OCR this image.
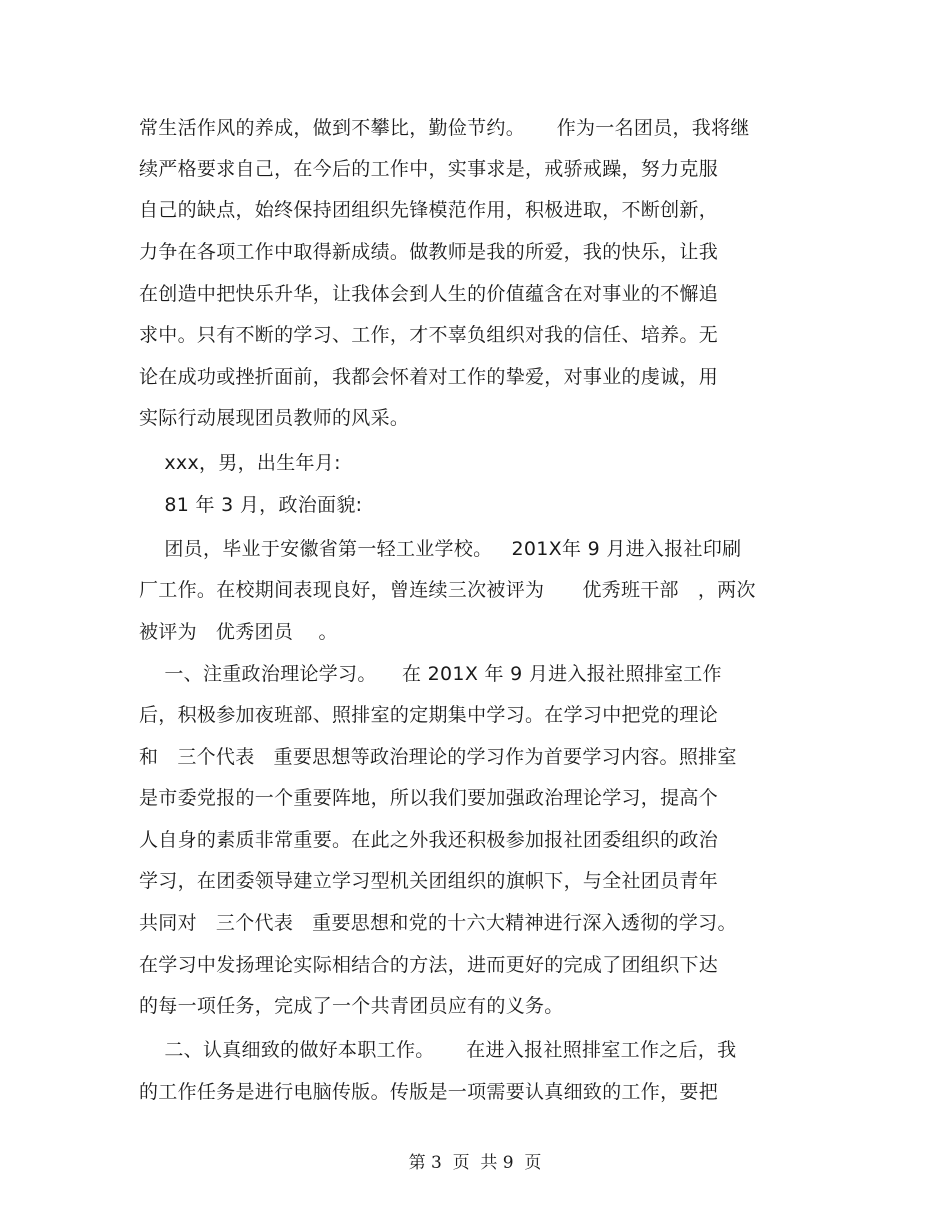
常生活作风的养成，做到不攀比，勤俭节约。     作为一名团员，我将继
续严格要求自己，在今后的工作中，实事求是，戒骄戒躁，努力克服
自己的缺点，始终保持团组织先锋模范作用，积极进取，不断创新，
力争在各项工作中取得新成绩。做教师是我的所爱，我的快乐，让我
在创造中把快乐升华，让我体会到人生的价值蕴含在对事业的不懈追
求中。只有不断的学习、工作，才不辜负组织对我的信任、培养。无
论在成功或挫折面前，我都会怀着对工作的挚爱，对事业的虔诚，用
实际行动展现团员教师的风采。
xxx，男，出生年月:
81 年 3 月，政治面貌:
团员，毕业于安徽省第一轻工业学校。   201X年 9 月进入报社印刷
厂工作。在校期间表现良好，曾连续三次被评为      优秀班干部   ，两次
被评为   优秀团员    。
一、注重政治理论学习。    在 201X 年 9 月进入报社照排室工作
后，积极参加夜班部、照排室的定期集中学习。在学习中把党的理论
和   三个代表   重要思想等政治理论的学习作为首要学习内容。照排室
是市委党报的一个重要阵地，所以我们要加强政治理论学习，提高个
人自身的素质非常重要。在此之外我还积极参加报社团委组织的政治
学习，在团委领导建立学习型机关团组织的旗帜下，与全社团员青年
共同对   三个代表   重要思想和党的十六大精神进行深入透彻的学习。
在学习中发扬理论实际相结合的方法，进而更好的完成了团组织下达
的每一项任务，完成了一个共青团员应有的义务。
二、认真细致的做好本职工作。     在进入报社照排室工作之后，我
的工作任务是进行电脑传版。传版是一项需要认真细致的工作，要把
第 3  页  共 9  页
